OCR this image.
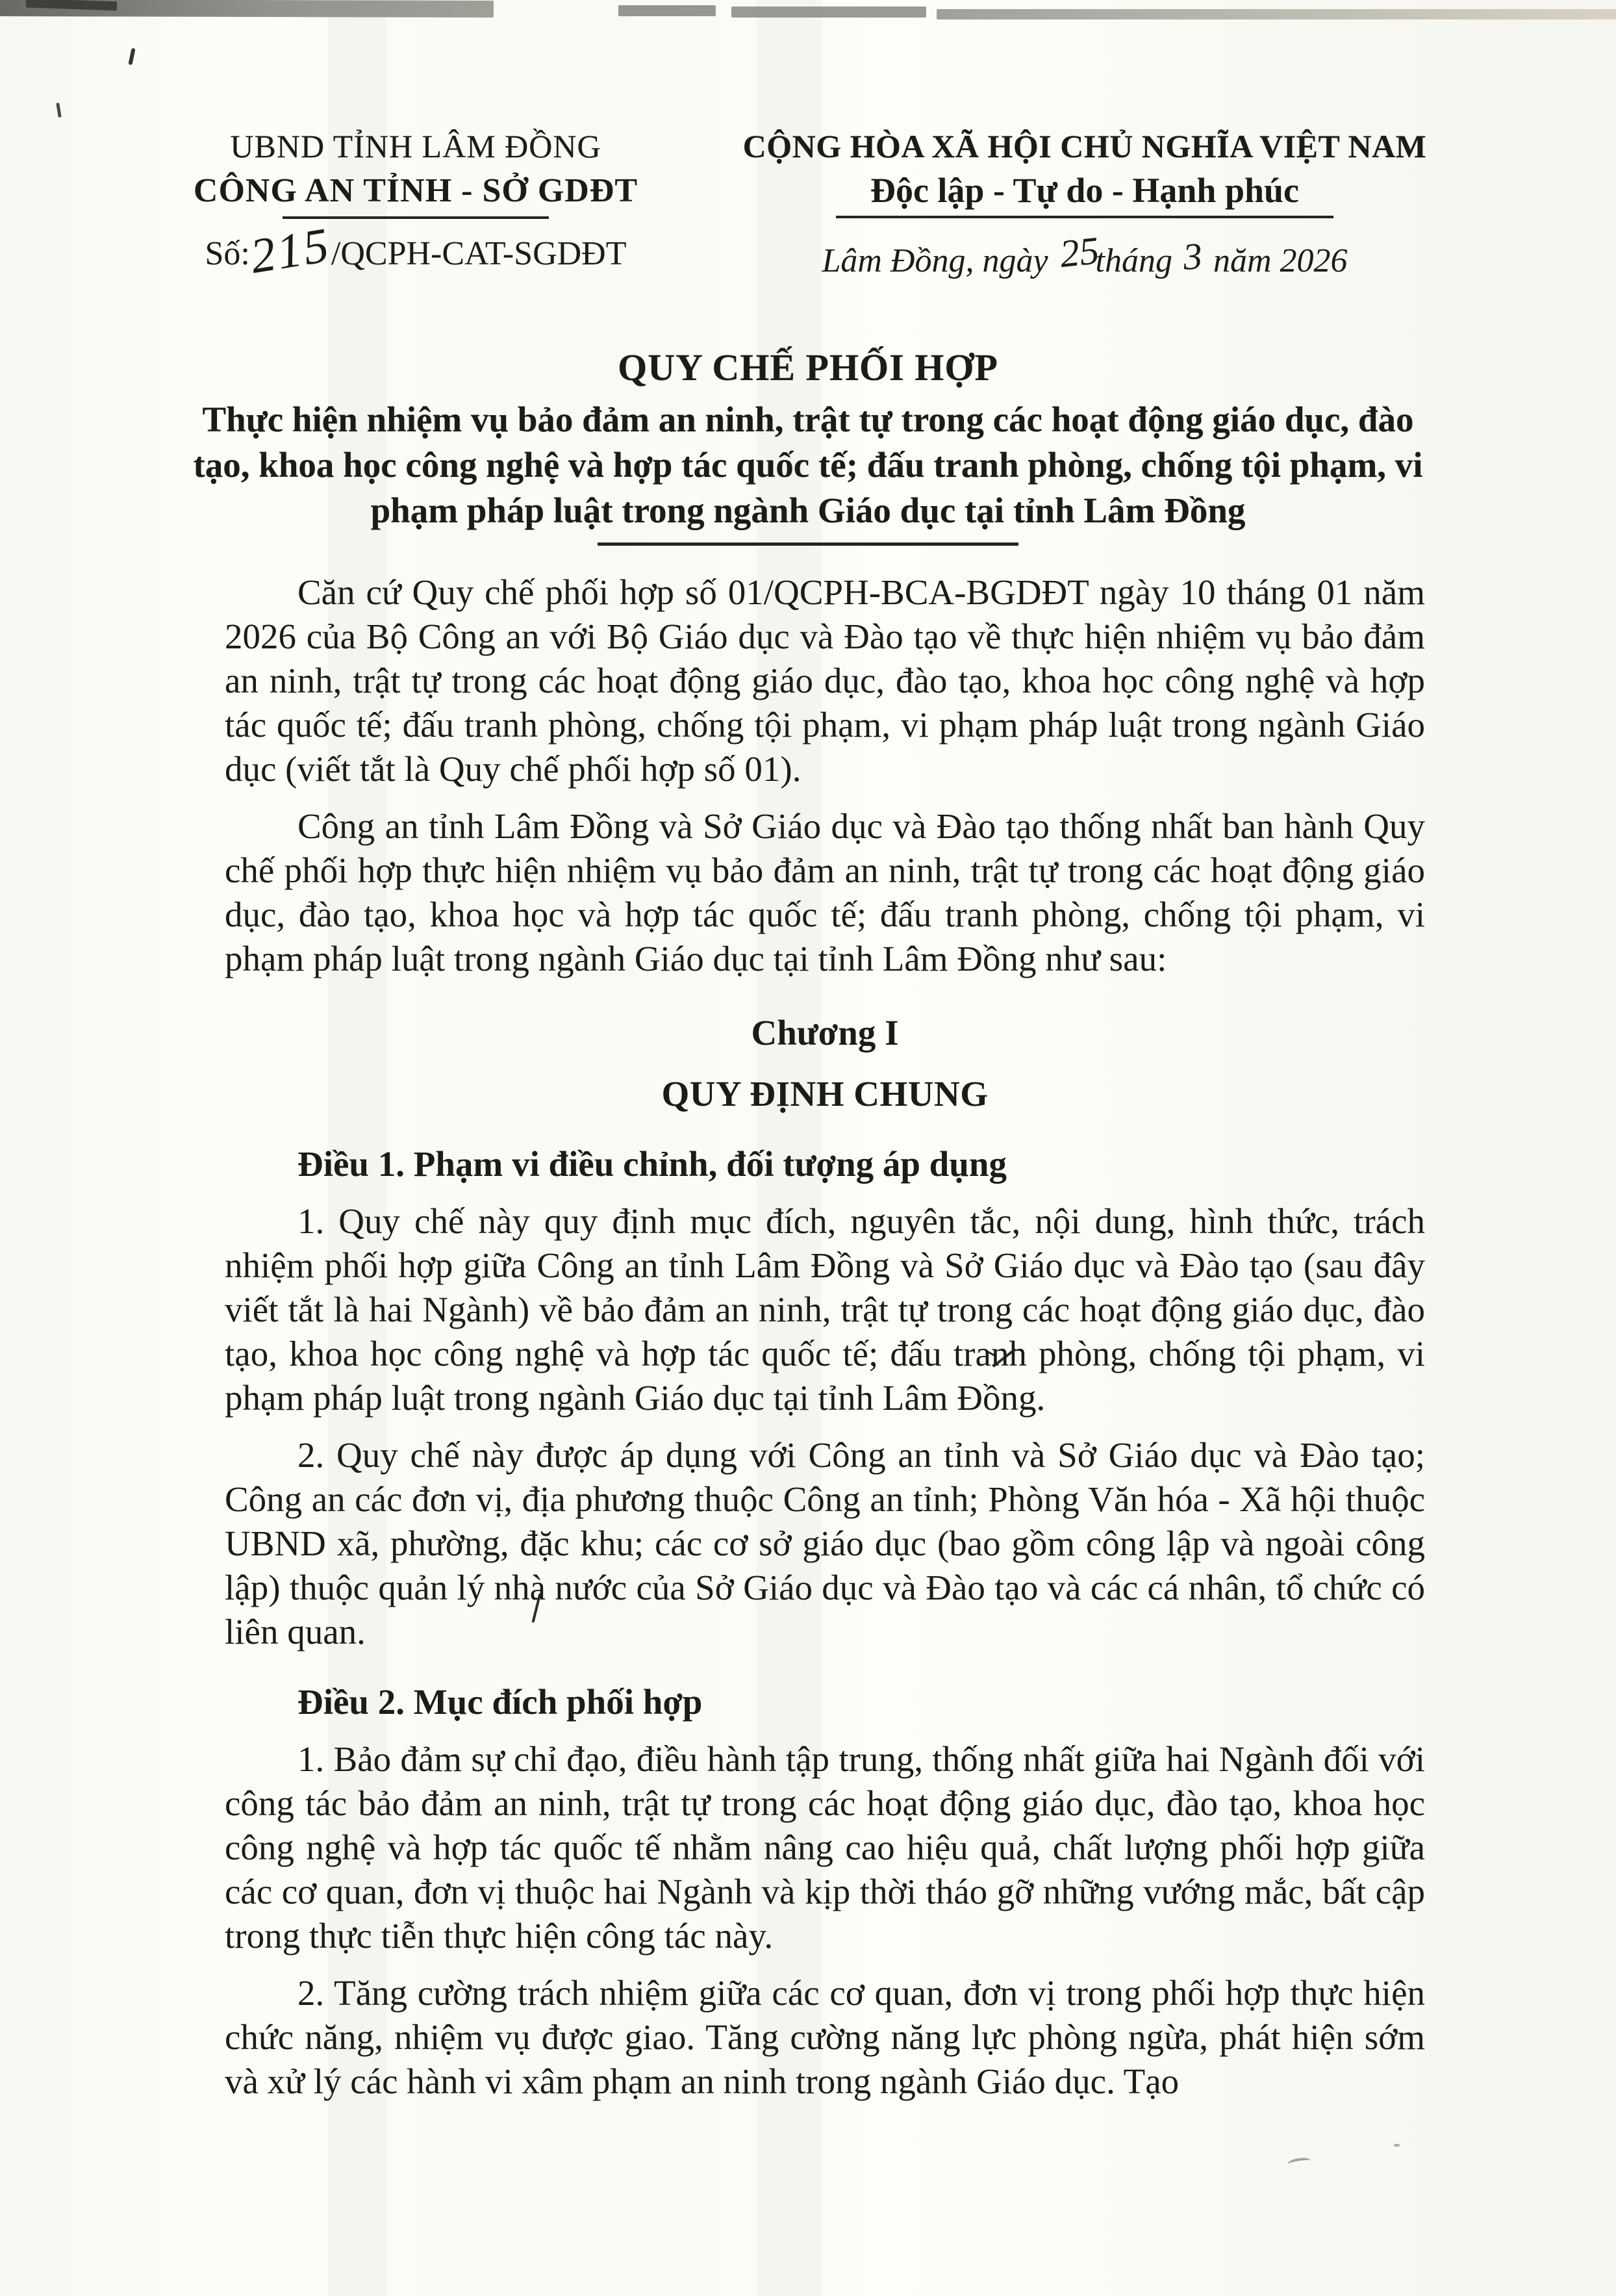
UBND TỈNH LÂM ĐỒNG
CÔNG AN TỈNH - SỞ GDĐT
Số:215/QCPH-CAT-SGDĐT
CỘNG HÒA XÃ HỘI CHỦ NGHĨA VIỆT NAM
Độc lập - Tự do - Hạnh phúc
Lâm Đồng, ngày 25tháng 3 năm 2026
QUY CHẾ PHỐI HỢP
Thực hiện nhiệm vụ bảo đảm an ninh, trật tự trong các hoạt động giáo dục, đào tạo, khoa học công nghệ và hợp tác quốc tế; đấu tranh phòng, chống tội phạm, vi phạm pháp luật trong ngành Giáo dục tại tỉnh Lâm Đồng

Căn cứ Quy chế phối hợp số 01/QCPH-BCA-BGDĐT ngày 10 tháng 01 năm 2026 của Bộ Công an với Bộ Giáo dục và Đào tạo về thực hiện nhiệm vụ bảo đảm an ninh, trật tự trong các hoạt động giáo dục, đào tạo, khoa học công nghệ và hợp tác quốc tế; đấu tranh phòng, chống tội phạm, vi phạm pháp luật trong ngành Giáo dục (viết tắt là Quy chế phối hợp số 01).

Công an tỉnh Lâm Đồng và Sở Giáo dục và Đào tạo thống nhất ban hành Quy chế phối hợp thực hiện nhiệm vụ bảo đảm an ninh, trật tự trong các hoạt động giáo dục, đào tạo, khoa học và hợp tác quốc tế; đấu tranh phòng, chống tội phạm, vi phạm pháp luật trong ngành Giáo dục tại tỉnh Lâm Đồng như sau:

Chương I
QUY ĐỊNH CHUNG
Điều 1. Phạm vi điều chỉnh, đối tượng áp dụng

1. Quy chế này quy định mục đích, nguyên tắc, nội dung, hình thức, trách nhiệm phối hợp giữa Công an tỉnh Lâm Đồng và Sở Giáo dục và Đào tạo (sau đây viết tắt là hai Ngành) về bảo đảm an ninh, trật tự trong các hoạt động giáo dục, đào tạo, khoa học công nghệ và hợp tác quốc tế; đấu tranh phòng, chống tội phạm, vi phạm pháp luật trong ngành Giáo dục tại tỉnh Lâm Đồng.

2. Quy chế này được áp dụng với Công an tỉnh và Sở Giáo dục và Đào tạo; Công an các đơn vị, địa phương thuộc Công an tỉnh; Phòng Văn hóa - Xã hội thuộc UBND xã, phường, đặc khu; các cơ sở giáo dục (bao gồm công lập và ngoài công lập) thuộc quản lý nhà nước của Sở Giáo dục và Đào tạo và các cá nhân, tổ chức có liên quan.

Điều 2. Mục đích phối hợp

1. Bảo đảm sự chỉ đạo, điều hành tập trung, thống nhất giữa hai Ngành đối với công tác bảo đảm an ninh, trật tự trong các hoạt động giáo dục, đào tạo, khoa học công nghệ và hợp tác quốc tế nhằm nâng cao hiệu quả, chất lượng phối hợp giữa các cơ quan, đơn vị thuộc hai Ngành và kịp thời tháo gỡ những vướng mắc, bất cập trong thực tiễn thực hiện công tác này.

2. Tăng cường trách nhiệm giữa các cơ quan, đơn vị trong phối hợp thực hiện chức năng, nhiệm vụ được giao. Tăng cường năng lực phòng ngừa, phát hiện sớm và xử lý các hành vi xâm phạm an ninh trong ngành Giáo dục. Tạo
